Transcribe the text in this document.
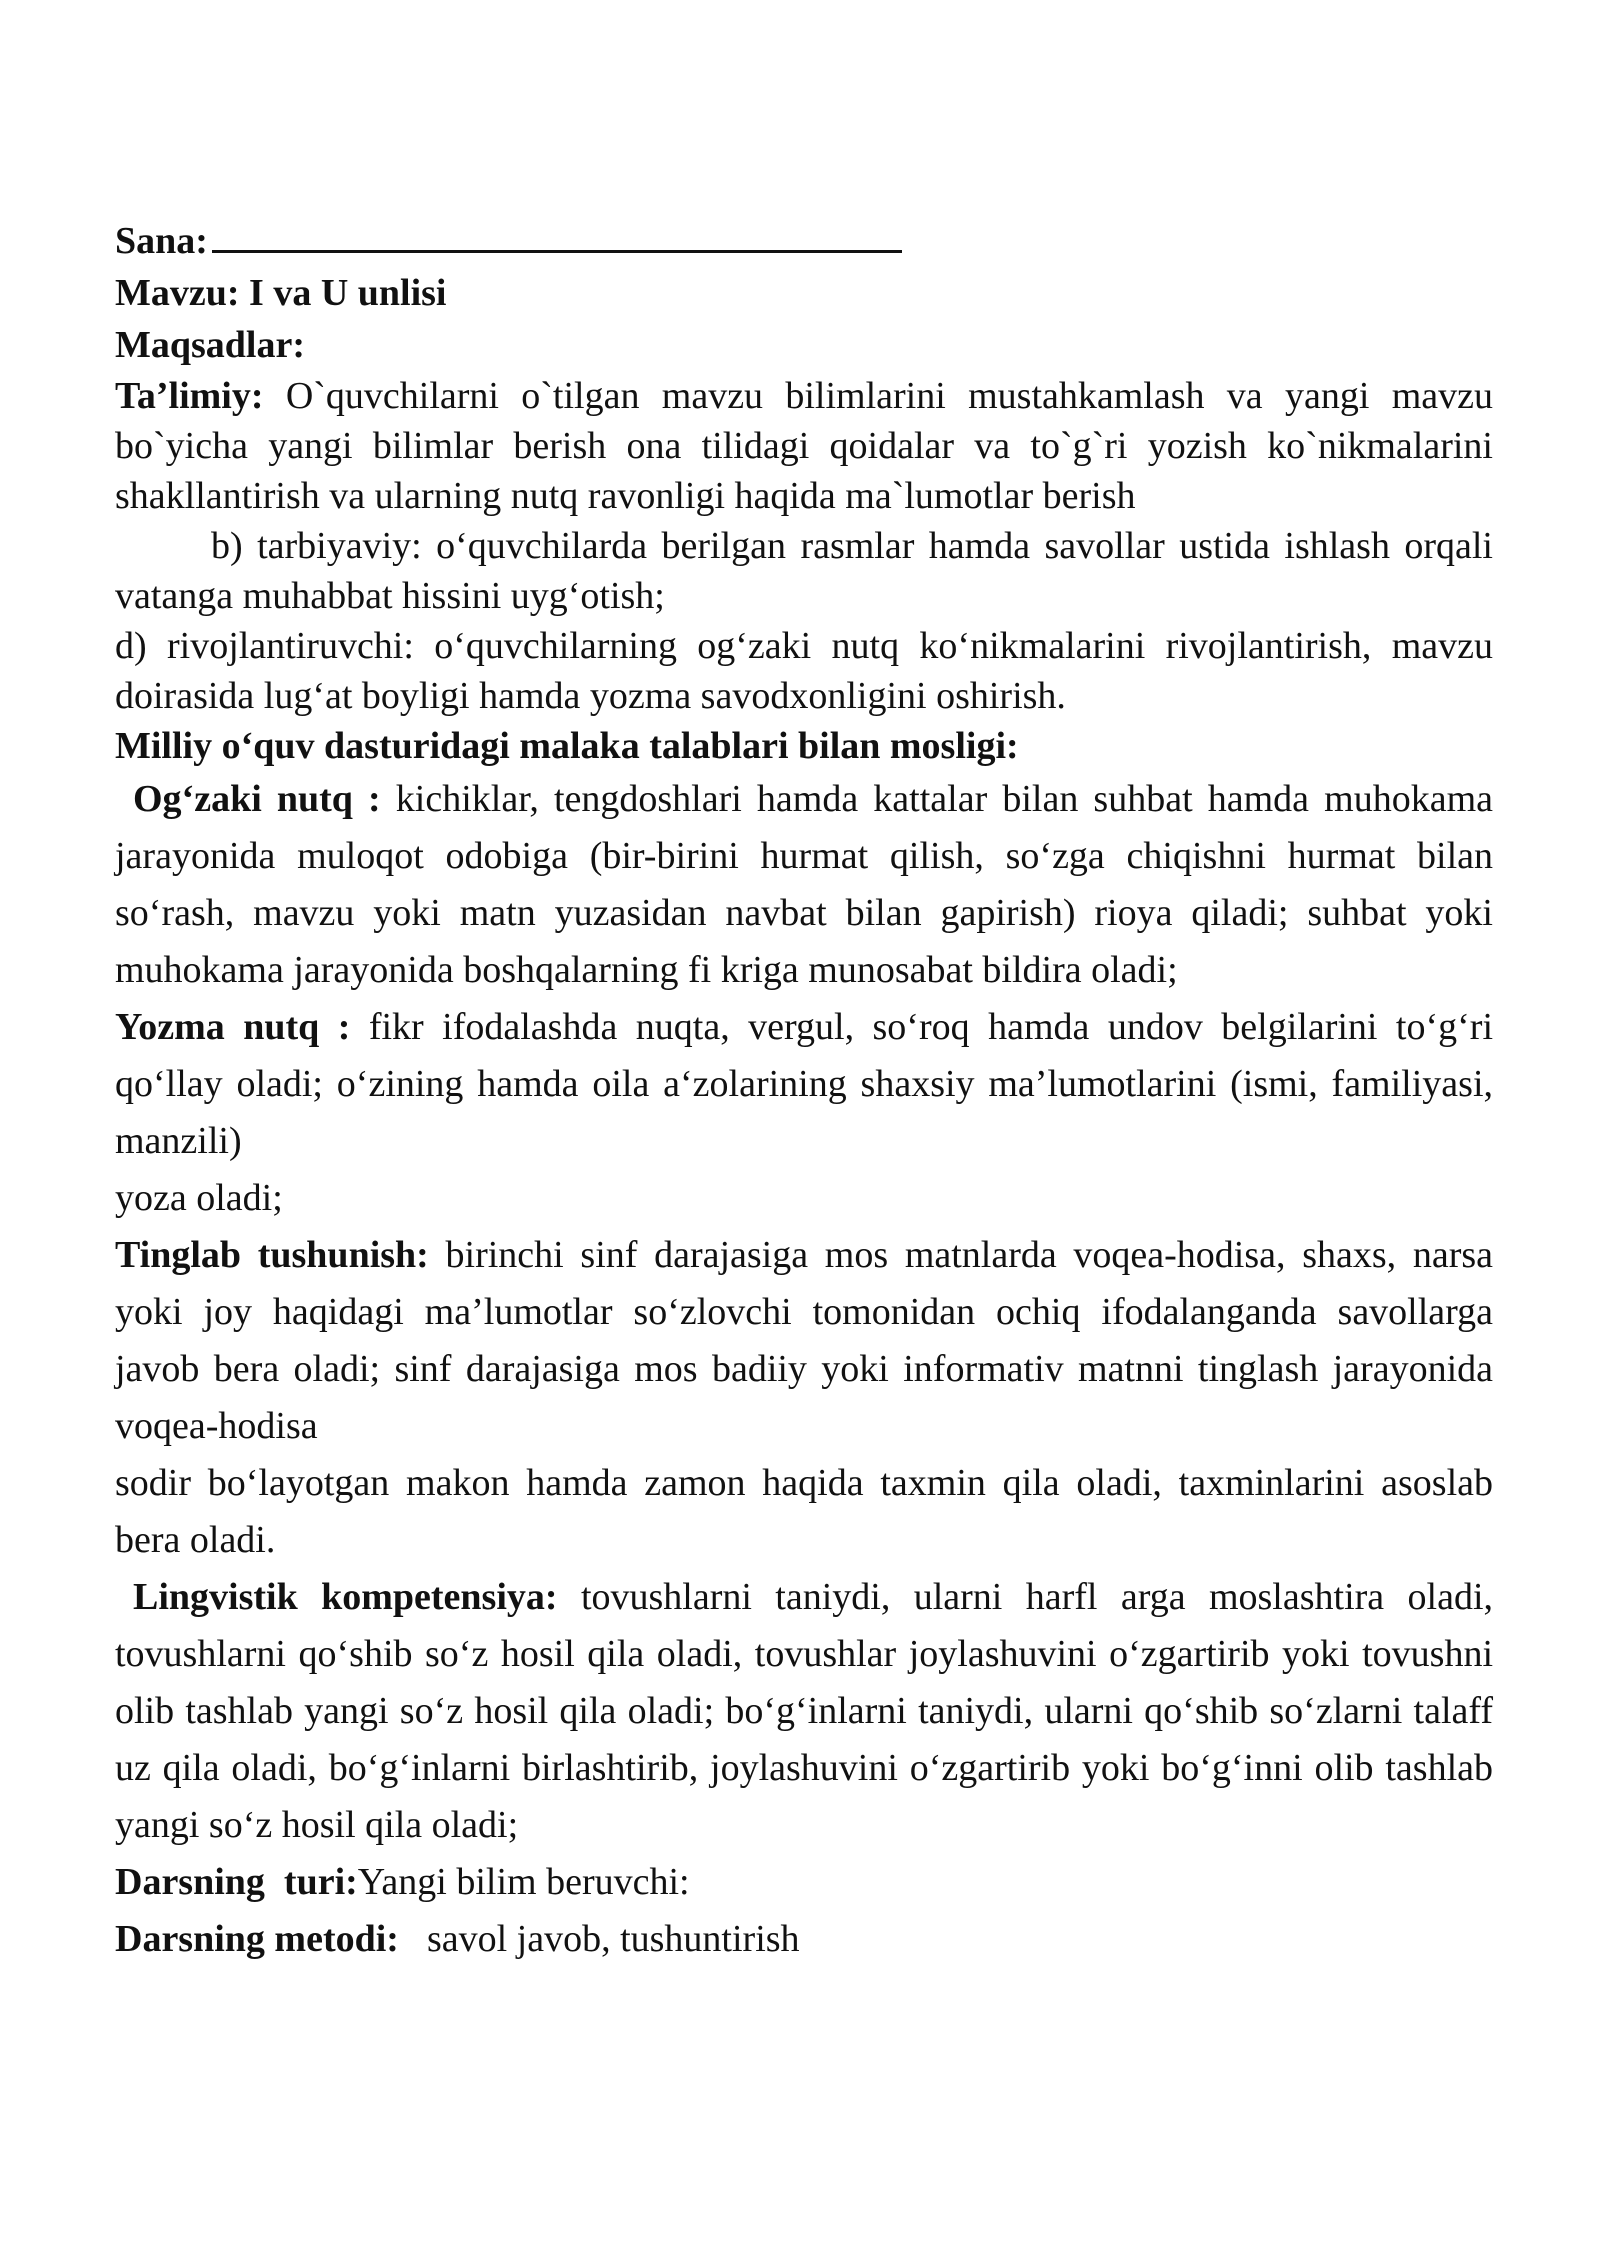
Sana:

Mavzu: I va U unlisi

Maqsadlar:

Ta’limiy: O`quvchilarni o`tilgan mavzu bilimlarini mustahkamlash va yangi mavzu bo`yicha yangi bilimlar berish ona tilidagi qoidalar va to`g`ri yozish ko`nikmalarini shakllantirish va ularning nutq ravonligi haqida ma`lumotlar berish

b) tarbiyaviy: o‘quvchilarda berilgan rasmlar hamda savollar ustida ishlash orqali vatanga muhabbat hissini uyg‘otish;

d) rivojlantiruvchi: o‘quvchilarning og‘zaki nutq ko‘nikmalarini rivojlantirish, mavzu doirasida lug‘at boyligi hamda yozma savodxonligini oshirish.

Milliy o‘quv dasturidagi malaka talablari bilan mosligi:

Og‘zaki nutq : kichiklar, tengdoshlari hamda kattalar bilan suhbat hamda muhokama jarayonida muloqot odobiga (bir-birini hurmat qilish, so‘zga chiqishni hurmat bilan so‘rash, mavzu yoki matn yuzasidan navbat bilan gapirish) rioya qiladi; suhbat yoki muhokama jarayonida boshqalarning fi kriga munosabat bildira oladi;

Yozma nutq : fikr ifodalashda nuqta, vergul, so‘roq hamda undov belgilarini to‘g‘ri qo‘llay oladi; o‘zining hamda oila a‘zolarining shaxsiy ma’lumotlarini (ismi, familiyasi, manzili)

yoza oladi;

Tinglab tushunish: birinchi sinf darajasiga mos matnlarda voqea-hodisa, shaxs, narsa yoki joy haqidagi ma’lumotlar so‘zlovchi tomonidan ochiq ifodalanganda savollarga javob bera oladi; sinf darajasiga mos badiiy yoki informativ matnni tinglash jarayonida voqea-hodisa

sodir bo‘layotgan makon hamda zamon haqida taxmin qila oladi, taxminlarini asoslab bera oladi.

Lingvistik kompetensiya: tovushlarni taniydi, ularni harfl arga moslashtira oladi, tovushlarni qo‘shib so‘z hosil qila oladi, tovushlar joylashuvini o‘zgartirib yoki tovushni olib tashlab yangi so‘z hosil qila oladi; bo‘g‘inlarni taniydi, ularni qo‘shib so‘zlarni talaff uz qila oladi, bo‘g‘inlarni birlashtirib, joylashuvini o‘zgartirib yoki bo‘g‘inni olib tashlab yangi so‘z hosil qila oladi;

Darsning  turi:Yangi bilim beruvchi:

Darsning metodi: savol javob, tushuntirish
